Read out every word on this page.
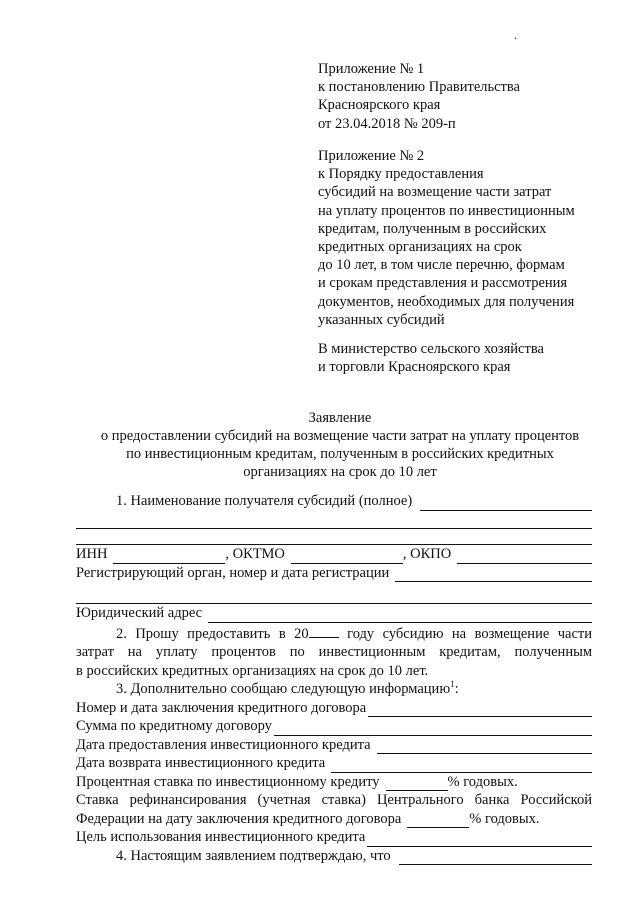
.
Приложение № 1
к постановлению Правительства
Красноярского края
от 23.04.2018 № 209-п
Приложение № 2
к Порядку предоставления
субсидий на возмещение части затрат
на уплату процентов по инвестиционным
кредитам, полученным в российских
кредитных организациях на срок
до 10 лет, в том числе перечню, формам
и срокам представления и рассмотрения
документов, необходимых для получения
указанных субсидий
В министерство сельского хозяйства
и торговли Красноярского края
Заявление
о предоставлении субсидий на возмещение части затрат на уплату процентов
по инвестиционным кредитам, полученным в российских кредитных
организациях на срок до 10 лет
1. Наименование получателя субсидий (полное)
ИНН	, ОКТМО	, ОКПО
Регистрирующий орган, номер и дата регистрации
Юридический адрес
2. Прошу предоставить в 20 году субсидию на возмещение части
затрат на уплату процентов по инвестиционным кредитам, полученным
в российских кредитных организациях на срок до 10 лет.
3. Дополнительно сообщаю следующую информацию$^1$:
Номер и дата заключения кредитного договора
Сумма по кредитному договору
Дата предоставления инвестиционного кредита
Дата возврата инвестиционного кредита
Процентная ставка по инвестиционному кредиту	% годовых.
Ставка рефинансирования (учетная ставка) Центрального банка Российской
Федерации на дату заключения кредитного договора	% годовых.
Цель использования инвестиционного кредита
4. Настоящим заявлением подтверждаю, что
